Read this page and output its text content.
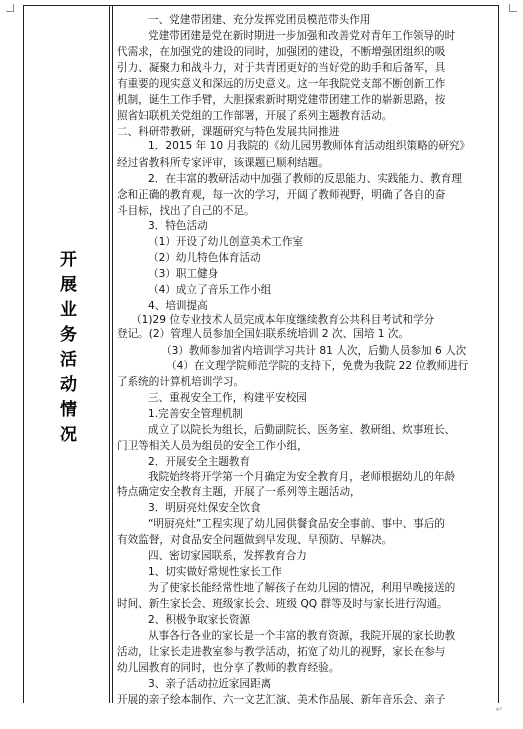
开展业务活动情况
一、党建带团建、充分发挥党团员模范带头作用
党建带团建是党在新时期进一步加强和改善党对青年工作领导的时
代需求，在加强党的建设的同时，加强团的建设，不断增强团组织的吸
引力、凝聚力和战斗力，对于共青团更好的当好党的助手和后备军，具
有重要的现实意义和深远的历史意义。这一年我院党支部不断创新工作
机制，诞生工作手臂，大胆探索新时期党建带团建工作的崭新思路，按
照省妇联机关党组的工作部署，开展了系列主题教育活动。
二、科研带教研，课题研究与特色发展共同推进
1．2015 年 10 月我院的《幼儿园男教师体育活动组织策略的研究》
经过省教科所专家评审，该课题已顺利结题。
2．在丰富的教研活动中加强了教师的反思能力、实践能力、教育理
念和正确的教育观，每一次的学习，开阔了教师视野，明确了各自的奋
斗目标，找出了自己的不足。
3．特色活动
（1）开设了幼儿创意美术工作室
（2）幼儿特色体育活动
（3）职工健身
（4）成立了音乐工作小组
4、培训提高
（1)29 位专业技术人员完成本年度继续教育公共科目考试和学分
登记。(2）管理人员参加全国妇联系统培训 2 次、国培 1 次。
（3）教师参加省内培训学习共计 81 人次，后勤人员参加 6 人次
（4）在文理学院师范学院的支持下，免费为我院 22 位教师进行
了系统的计算机培训学习。
三、重视安全工作，构建平安校园
1.完善安全管理机制
成立了以院长为组长，后勤副院长、医务室、教研组、炊事班长、
门卫等相关人员为组员的安全工作小组，
2．开展安全主题教育
我院始终将开学第一个月确定为安全教育月，老师根据幼儿的年龄
特点确定安全教育主题，开展了一系列等主题活动，
3．明厨亮灶保安全饮食
“明厨亮灶”工程实现了幼儿园供餐食品安全事前、事中、事后的
有效监督，对食品安全问题做到早发现、早预防、早解决。
四、密切家园联系，发挥教育合力
1、切实做好常规性家长工作
为了使家长能经常性地了解孩子在幼儿园的情况，利用早晚接送的
时间、新生家长会、班级家长会、班级 QQ 群等及时与家长进行沟通。
2、积极争取家长资源
从事各行各业的家长是一个丰富的教育资源，我院开展的家长助教
活动，让家长走进教室参与教学活动，拓宽了幼儿的视野，家长在参与
幼儿园教育的同时，也分享了教师的教育经验。
3、亲子活动拉近家园距离
开展的亲子绘本制作、六一文艺汇演、美术作品展、新年音乐会、亲子
↵
